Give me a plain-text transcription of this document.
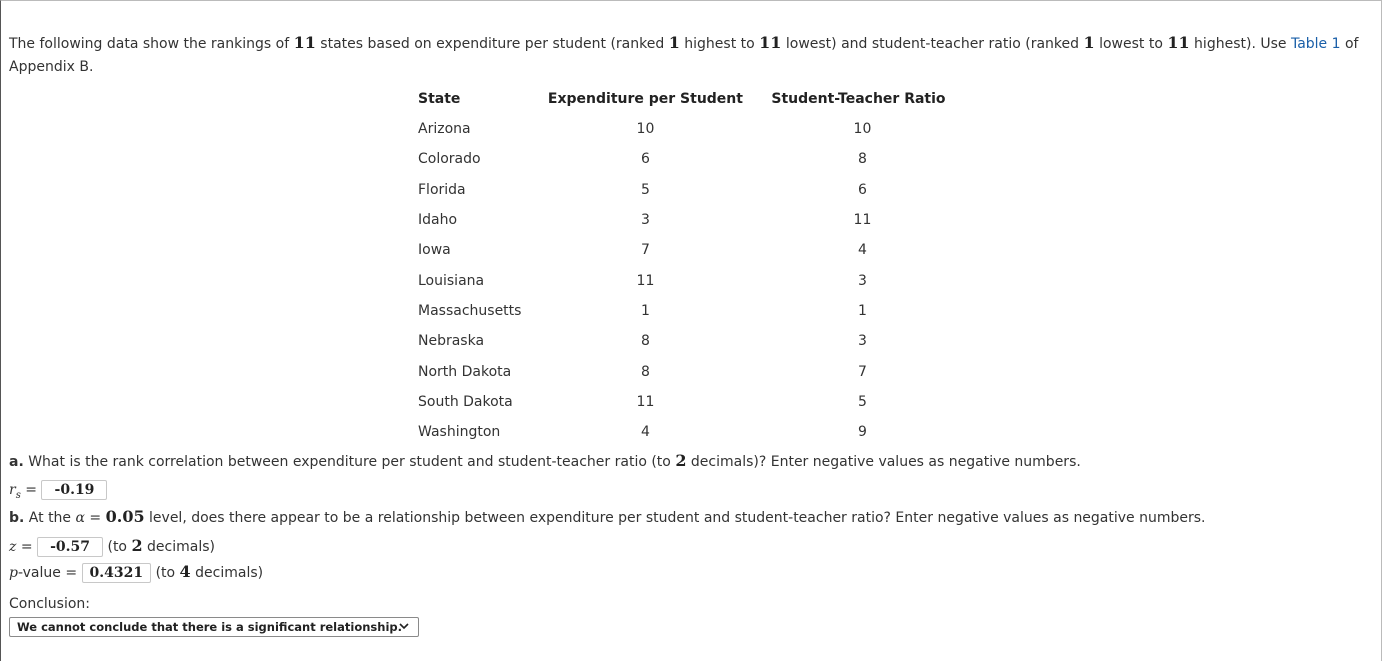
The following data show the rankings of 11 states based on expenditure per student (ranked 1 highest to 11 lowest) and student-teacher ratio (ranked 1 lowest to 11 highest). Use Table 1 of Appendix B.
State	Expenditure per Student	Student-Teacher Ratio
Arizona	10	10
Colorado	6	8
Florida	5	6
Idaho	3	11
Iowa	7	4
Louisiana	11	3
Massachusetts	1	1
Nebraska	8	3
North Dakota	8	7
South Dakota	11	5
Washington	4	9
a. What is the rank correlation between expenditure per student and student-teacher ratio (to 2 decimals)? Enter negative values as negative numbers.
$r_s = -0.19$
b. At the α = 0.05 level, does there appear to be a relationship between expenditure per student and student-teacher ratio? Enter negative values as negative numbers.
z = -0.57 (to 2 decimals)
p-value = 0.4321 (to 4 decimals)
Conclusion:
We cannot conclude that there is a significant relationship.
